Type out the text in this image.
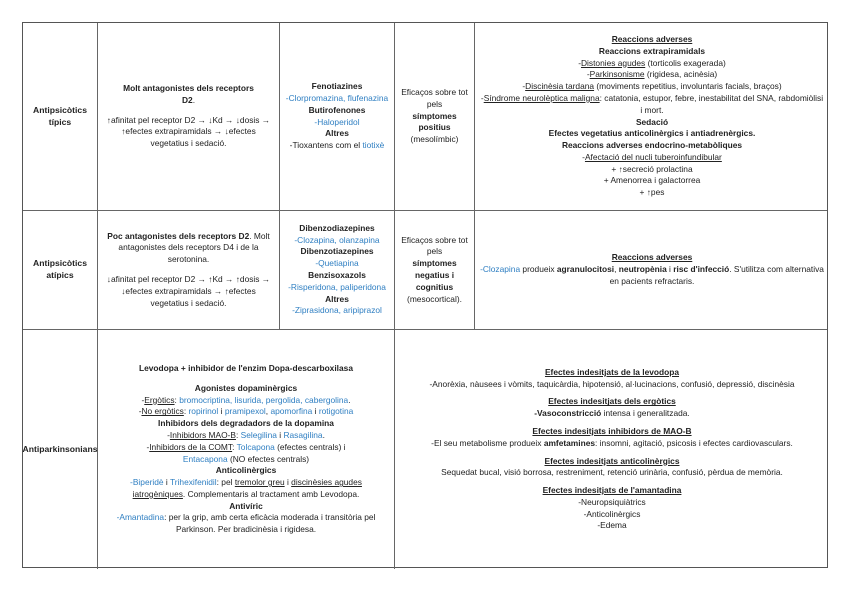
Antipsicòtics típics
Molt antagonistes dels receptors
D2.
↑afinitat pel receptor D2 → ↓Kd → ↓dosis → ↑efectes extrapiramidals → ↓efectes vegetatius i sedació.
Fenotiazines
-Clorpromazina, flufenazina
Butirofenones
-Haloperidol
Altres
-Tioxantens com el tiotixè
Eficaços sobre tot pels
símptomes positius
(mesolímbic)
Reaccions adverses
Reaccions extrapiramidals
-Distonies agudes (torticolis exagerada)
-Parkinsonisme (rigidesa, acinèsia)
-Discinèsia tardana (moviments repetitius, involuntaris facials, braços)
-Síndrome neurolèptica maligna: catatonia, estupor, febre, inestabilitat del SNA, rabdomiòlisi i mort.
Sedació
Efectes vegetatius anticolinèrgics i antiadrenèrgics.
Reaccions adverses endocrino-metabòliques
-Afectació del nucli tuberoinfundibular
+ ↑secreció prolactina
+ Amenorrea i galactorrea
+ ↑pes
Antipsicòtics atípics
Poc antagonistes dels receptors D2. Molt antagonistes dels receptors D4 i de la serotonina.
↓afinitat pel receptor D2 → ↑Kd → ↑dosis → ↓efectes extrapiramidals → ↑efectes vegetatius i sedació.
Dibenzodiazepines
-Clozapina, olanzapina
Dibenzotiazepines
-Quetiapina
Benzisoxazols
-Risperidona, paliperidona
Altres
-Ziprasidona, aripiprazol
Eficaços sobre tot pels
símptomes negatius i cognitius
(mesocortical).
Reaccions adverses
-Clozapina produeix agranulocitosi, neutropènia i risc d'infecció. S'utilitza com alternativa en pacients refractaris.
Antiparkinsonians
Levodopa + inhibidor de l'enzim Dopa-descarboxilasa
Agonistes dopaminèrgics
-Ergòtics: bromocriptina, lisurida, pergolida, cabergolina.
-No ergòtics: ropirinol i pramipexol, apomorfina i rotigotina
Inhibidors dels degradadors de la dopamina
-Inhibidors MAO-B: Selegilina i Rasagilina.
-Inhibidors de la COMT: Tolcapona (efectes centrals) i
Entacapona (NO efectes centrals)
Anticolinèrgics
-Biperidè i Trihexifenidil: pel tremolor greu i discinèsies agudes iatrogèniques. Complementaris al tractament amb Levodopa.
Antivíric
-Amantadina: per la grip, amb certa eficàcia moderada i transitòria pel Parkinson. Per bradicinèsia i rigidesa.
Efectes indesitjats de la levodopa
-Anorèxia, nàusees i vòmits, taquicàrdia, hipotensió, al·lucinacions, confusió, depressió, discinèsia
Efectes indesitjats dels ergòtics
-Vasoconstricció intensa i generalitzada.
Efectes indesitjats inhibidors de MAO-B
-El seu metabolisme produeix amfetamines: insomni, agitació, psicosis i efectes cardiovasculars.
Efectes indesitjats anticolinèrgics
Sequedat bucal, visió borrosa, restreniment, retenció urinària, confusió, pèrdua de memòria.
Efectes indesitjats de l'amantadina
-Neuropsiquiàtrics
-Anticolinèrgics
-Edema
